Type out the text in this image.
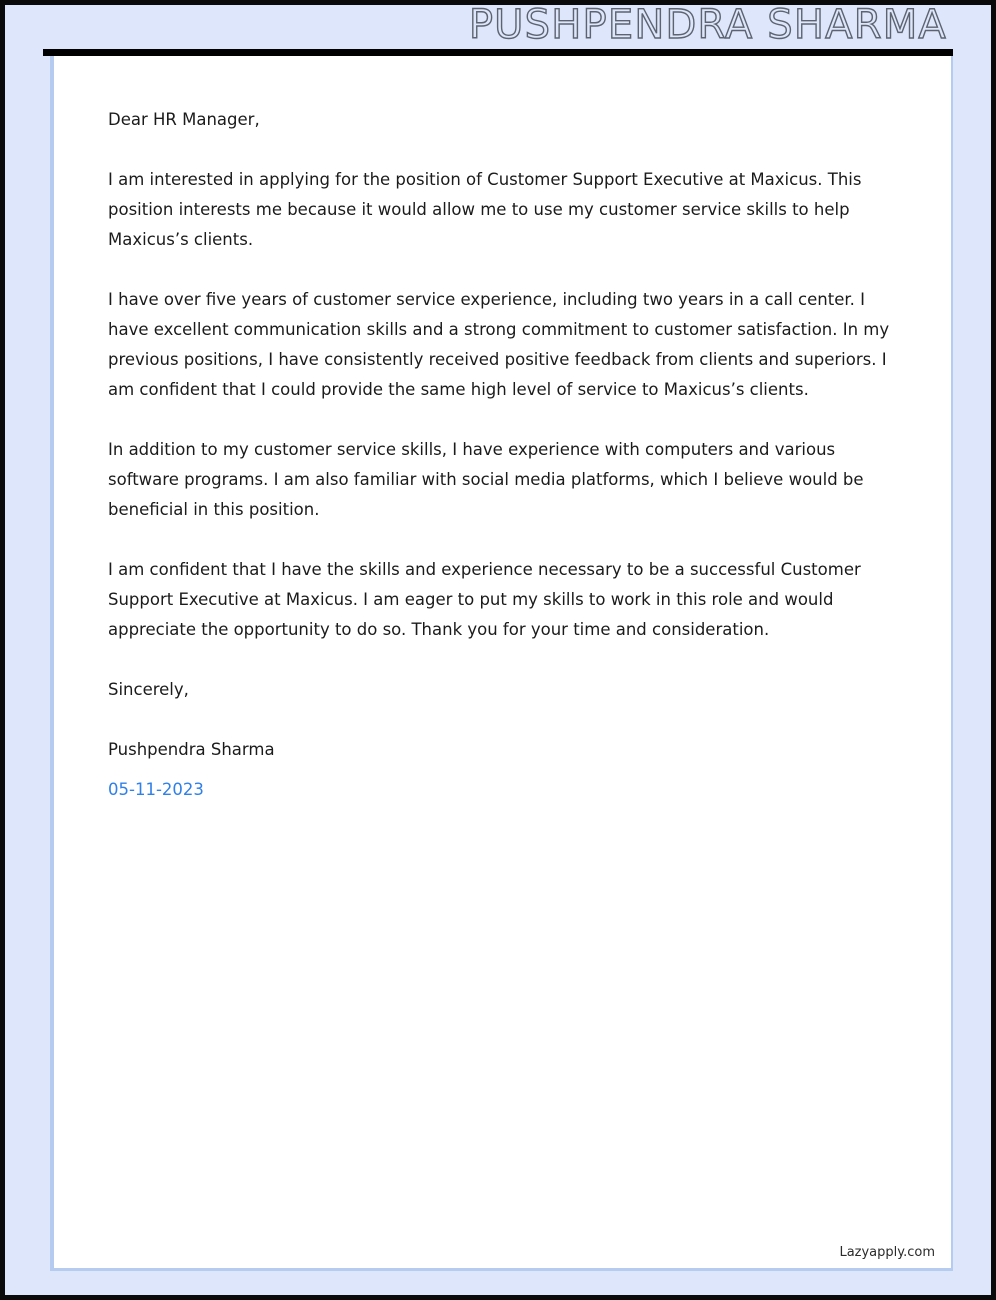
PUSHPENDRA SHARMA

Dear HR Manager,

I am interested in applying for the position of Customer Support Executive at Maxicus. This position interests me because it would allow me to use my customer service skills to help Maxicus’s clients.

I have over five years of customer service experience, including two years in a call center. I have excellent communication skills and a strong commitment to customer satisfaction. In my previous positions, I have consistently received positive feedback from clients and superiors. I am confident that I could provide the same high level of service to Maxicus’s clients.

In addition to my customer service skills, I have experience with computers and various software programs. I am also familiar with social media platforms, which I believe would be beneficial in this position.

I am confident that I have the skills and experience necessary to be a successful Customer Support Executive at Maxicus. I am eager to put my skills to work in this role and would appreciate the opportunity to do so. Thank you for your time and consideration.

Sincerely,

Pushpendra Sharma

05-11-2023

Lazyapply.com
